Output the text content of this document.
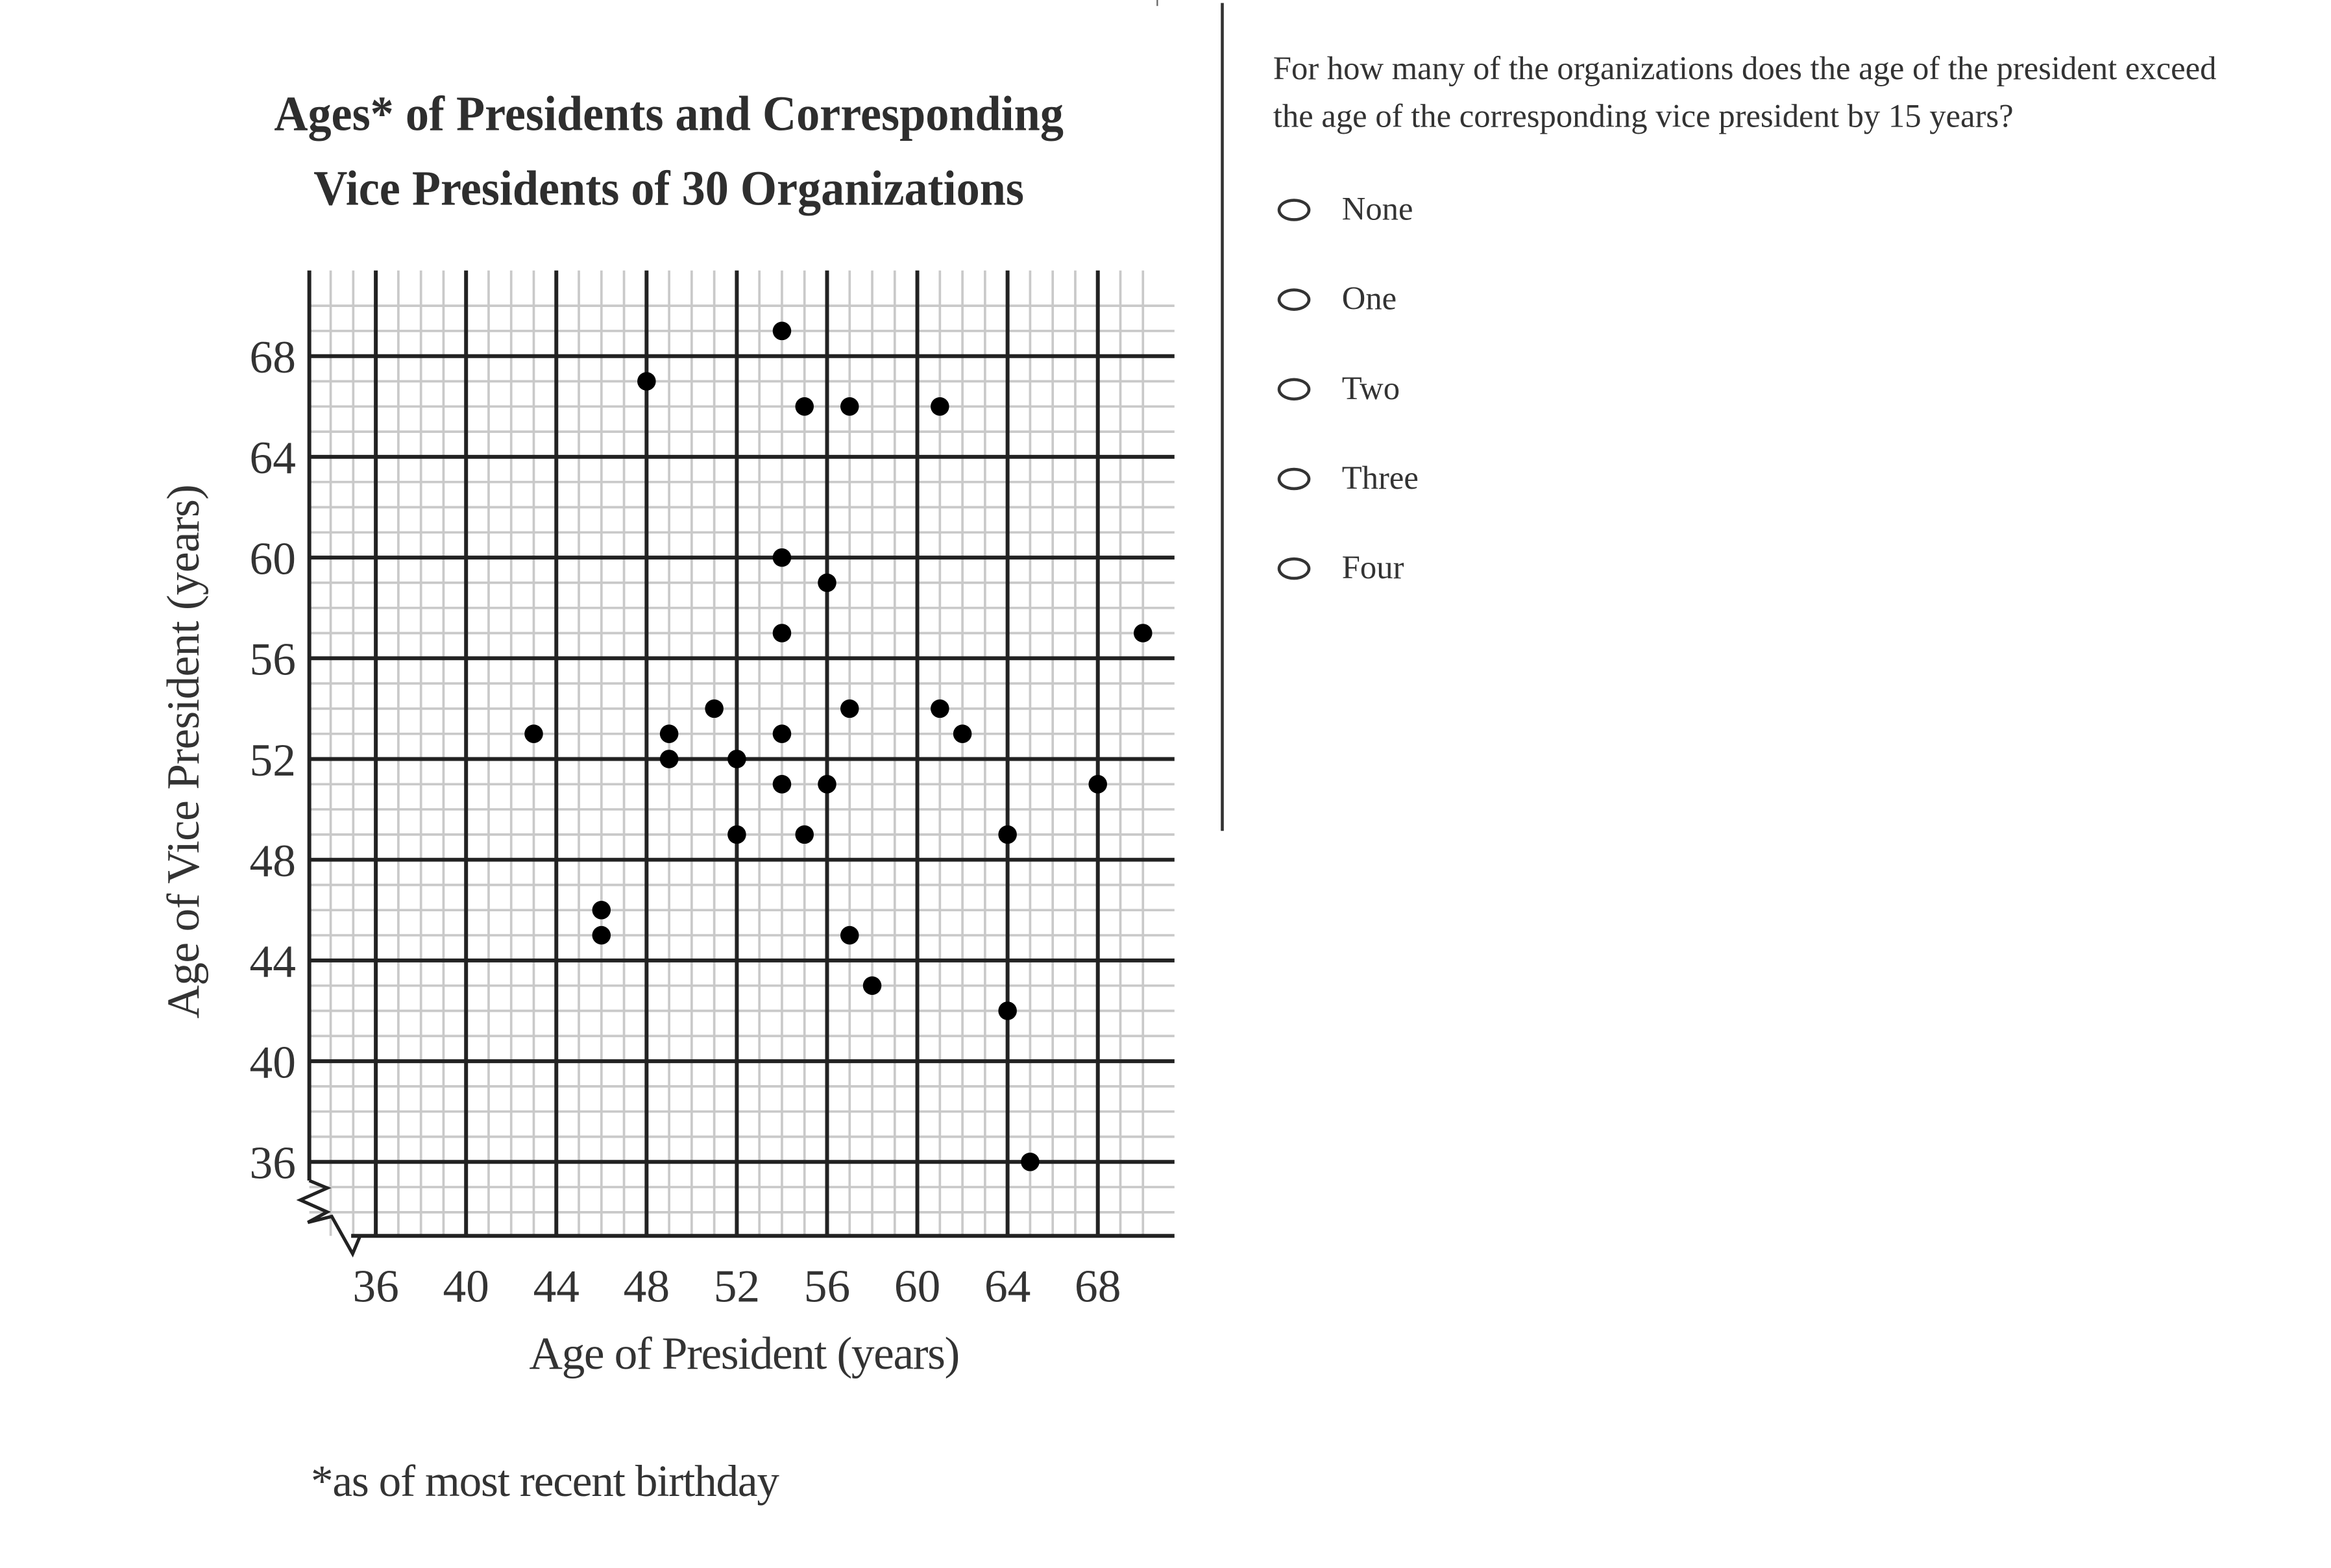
Ages* of Presidents and Corresponding
Vice Presidents of 30 Organizations
36 40 44 48 52 56 60 64 68
36
40
44
48
52
56
60
64
68
Age of President (years)
Age of Vice President (years)
*as of most recent birthday

For how many of the organizations does the age of the president exceed the age of the corresponding vice president by 15 years?

None
One
Two
Three
Four
